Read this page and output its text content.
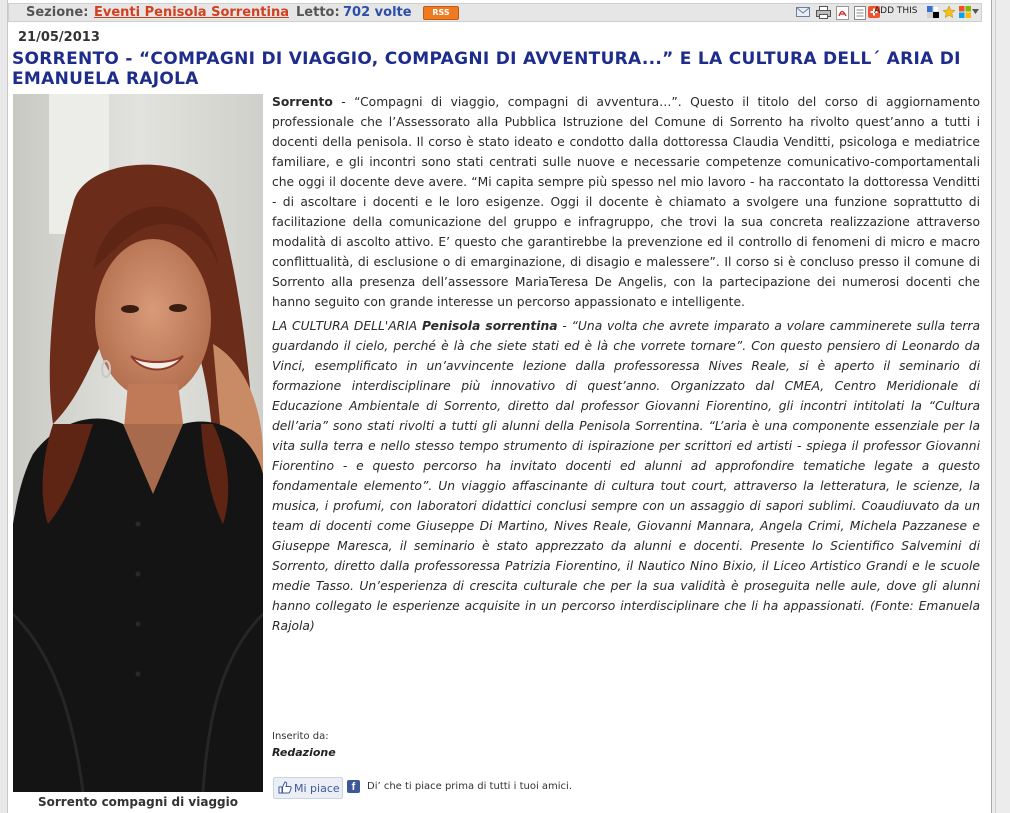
Sezione: Eventi Penisola Sorrentina Letto: 702 volte	RSS	ADD THIS
21/05/2013
SORRENTO - “COMPAGNI DI VIAGGIO, COMPAGNI DI AVVENTURA...” E LA CULTURA DELL´ ARIA DI EMANUELA RAJOLA
Sorrento compagni di viaggio

Sorrento - “Compagni di viaggio, compagni di avventura…”. Questo il titolo del corso di aggiornamento professionale che l’Assessorato alla Pubblica Istruzione del Comune di Sorrento ha rivolto quest’anno a tutti i docenti della penisola. Il corso è stato ideato e condotto dalla dottoressa Claudia Venditti, psicologa e mediatrice familiare, e gli incontri sono stati centrati sulle nuove e necessarie competenze comunicativo-comportamentali che oggi il docente deve avere. “Mi capita sempre più spesso nel mio lavoro - ha raccontato la dottoressa Venditti - di ascoltare i docenti e le loro esigenze. Oggi il docente è chiamato a svolgere una funzione soprattutto di facilitazione della comunicazione del gruppo e infragruppo, che trovi la sua concreta realizzazione attraverso modalità di ascolto attivo. E’ questo che garantirebbe la prevenzione ed il controllo di fenomeni di micro e macro conflittualità, di esclusione o di emarginazione, di disagio e malessere”. Il corso si è concluso presso il comune di Sorrento alla presenza dell’assessore MariaTeresa De Angelis, con la partecipazione dei numerosi docenti che hanno seguito con grande interesse un percorso appassionato e intelligente.

LA CULTURA DELL'ARIA Penisola sorrentina - “Una volta che avrete imparato a volare camminerete sulla terra guardando il cielo, perché è là che siete stati ed è là che vorrete tornare”. Con questo pensiero di Leonardo da Vinci, esemplificato in un’avvincente lezione dalla professoressa Nives Reale, si è aperto il seminario di formazione interdisciplinare più innovativo di quest’anno. Organizzato dal CMEA, Centro Meridionale di Educazione Ambientale di Sorrento, diretto dal professor Giovanni Fiorentino, gli incontri intitolati la “Cultura dell’aria” sono stati rivolti a tutti gli alunni della Penisola Sorrentina. “L’aria è una componente essenziale per la vita sulla terra e nello stesso tempo strumento di ispirazione per scrittori ed artisti - spiega il professor Giovanni Fiorentino - e questo percorso ha invitato docenti ed alunni ad approfondire tematiche legate a questo fondamentale elemento”. Un viaggio affascinante di cultura tout court, attraverso la letteratura, le scienze, la musica, i profumi, con laboratori didattici conclusi sempre con un assaggio di sapori sublimi. Coaudiuvato da un team di docenti come Giuseppe Di Martino, Nives Reale, Giovanni Mannara, Angela Crimi, Michela Pazzanese e Giuseppe Maresca, il seminario è stato apprezzato da alunni e docenti. Presente lo Scientifico Salvemini di Sorrento, diretto dalla professoressa Patrizia Fiorentino, il Nautico Nino Bixio, il Liceo Artistico Grandi e le scuole medie Tasso. Un’esperienza di crescita culturale che per la sua validità è proseguita nelle aule, dove gli alunni hanno collegato le esperienze acquisite in un percorso interdisciplinare che li ha appassionati. (Fonte: Emanuela Rajola)

Inserito da:
Redazione
Mi piace	f	Di’ che ti piace prima di tutti i tuoi amici.
